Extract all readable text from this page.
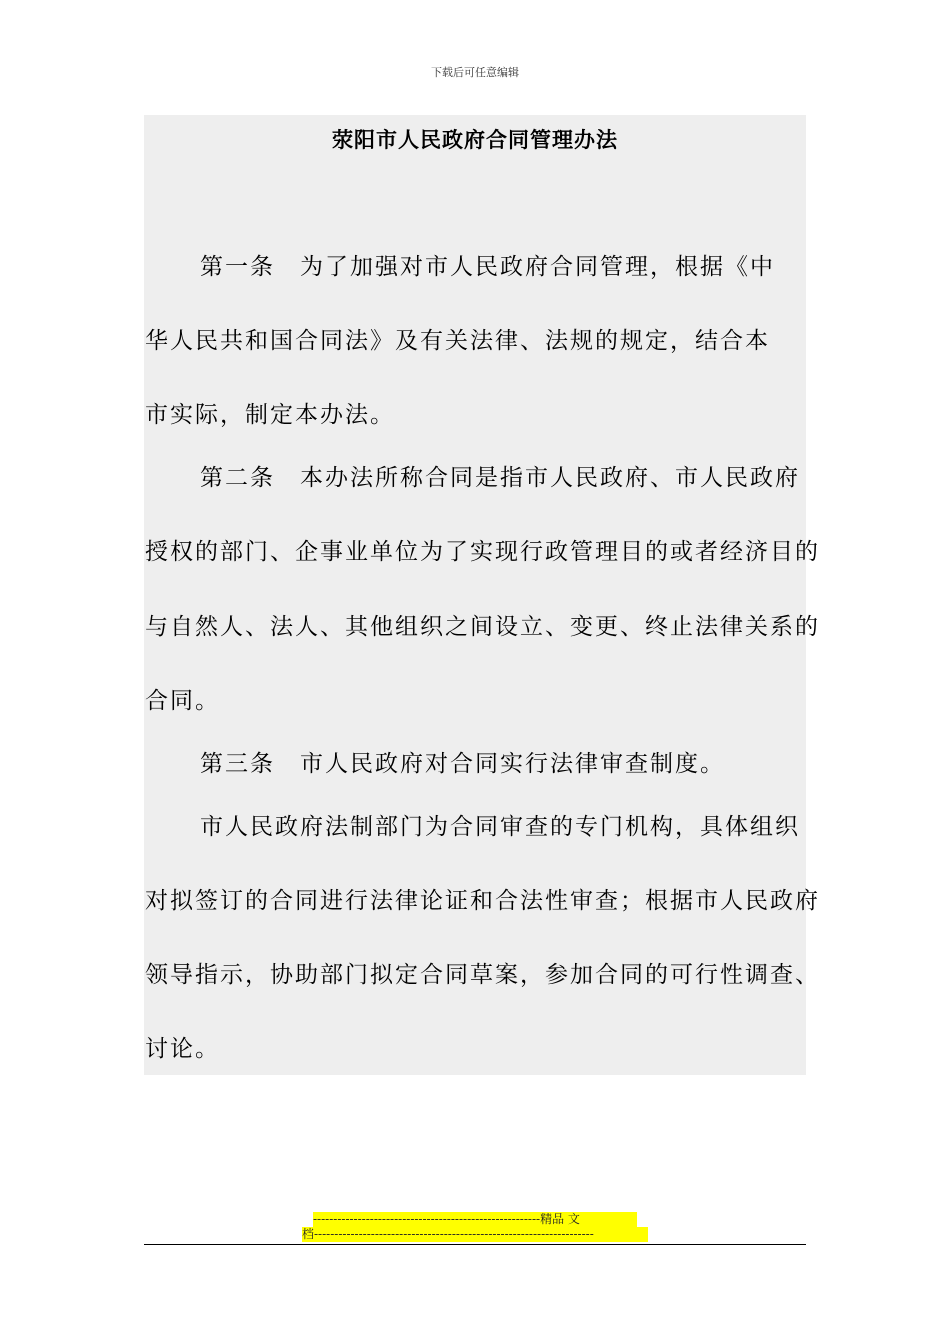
下载后可任意编辑
荥阳市人民政府合同管理办法
第一条　为了加强对市人民政府合同管理，根据《中
华人民共和国合同法》及有关法律、法规的规定，结合本
市实际，制定本办法。
第二条　本办法所称合同是指市人民政府、市人民政府
授权的部门、企事业单位为了实现行政管理目的或者经济目的
与自然人、法人、其他组织之间设立、变更、终止法律关系的
合同。
第三条　市人民政府对合同实行法律审查制度。
市人民政府法制部门为合同审查的专门机构，具体组织
对拟签订的合同进行法律论证和合法性审查；根据市人民政府
领导指示，协助部门拟定合同草案，参加合同的可行性调查、
讨论。
--------------------------------------------------------精品 文
档---------------------------------------------------------------------
